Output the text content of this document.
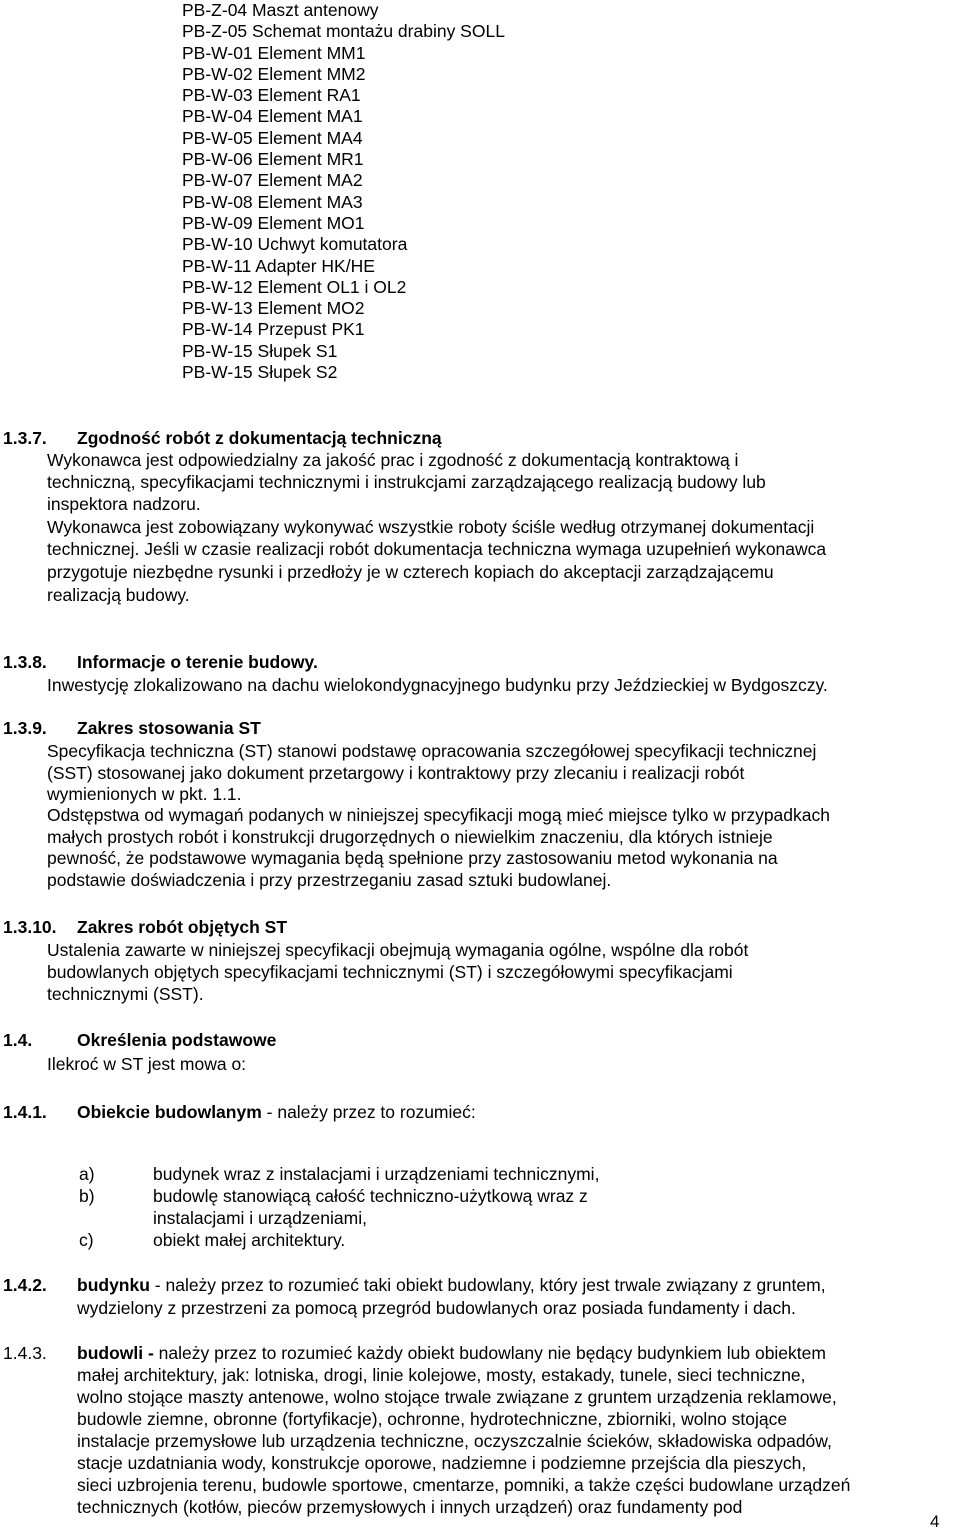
PB-Z-04 Maszt antenowy
PB-Z-05 Schemat montażu drabiny SOLL
PB-W-01 Element MM1
PB-W-02 Element MM2
PB-W-03 Element RA1
PB-W-04 Element MA1
PB-W-05 Element MA4
PB-W-06 Element MR1
PB-W-07 Element MA2
PB-W-08 Element MA3
PB-W-09 Element MO1
PB-W-10 Uchwyt komutatora
PB-W-11 Adapter HK/HE
PB-W-12 Element OL1 i OL2
PB-W-13 Element MO2
PB-W-14 Przepust PK1
PB-W-15 Słupek S1
PB-W-15 Słupek S2
1.3.7. Zgodność robót z dokumentacją techniczną
Wykonawca jest odpowiedzialny za jakość prac i zgodność z dokumentacją kontraktową i
techniczną, specyfikacjami technicznymi i instrukcjami zarządzającego realizacją budowy lub
inspektora nadzoru.
Wykonawca jest zobowiązany wykonywać wszystkie roboty ściśle według otrzymanej dokumentacji
technicznej. Jeśli w czasie realizacji robót dokumentacja techniczna wymaga uzupełnień wykonawca
przygotuje niezbędne rysunki i przedłoży je w czterech kopiach do akceptacji zarządzającemu
realizacją budowy.
1.3.8. Informacje o terenie budowy.
Inwestycję zlokalizowano na dachu wielokondygnacyjnego budynku przy Jeździeckiej w Bydgoszczy.
1.3.9. Zakres stosowania ST
Specyfikacja techniczna (ST) stanowi podstawę opracowania szczegółowej specyfikacji technicznej
(SST) stosowanej jako dokument przetargowy i kontraktowy przy zlecaniu i realizacji robót
wymienionych w pkt. 1.1.
Odstępstwa od wymagań podanych w niniejszej specyfikacji mogą mieć miejsce tylko w przypadkach
małych prostych robót i konstrukcji drugorzędnych o niewielkim znaczeniu, dla których istnieje
pewność, że podstawowe wymagania będą spełnione przy zastosowaniu metod wykonania na
podstawie doświadczenia i przy przestrzeganiu zasad sztuki budowlanej.
1.3.10. Zakres robót objętych ST
Ustalenia zawarte w niniejszej specyfikacji obejmują wymagania ogólne, wspólne dla robót
budowlanych objętych specyfikacjami technicznymi (ST) i szczegółowymi specyfikacjami
technicznymi (SST).
1.4.	Określenia podstawowe
Ilekroć w ST jest mowa o:
1.4.1. Obiekcie budowlanym - należy przez to rozumieć:
a)	budynek wraz z instalacjami i urządzeniami technicznymi,
b)	budowlę stanowiącą całość techniczno-użytkową wraz z
instalacjami i urządzeniami,
c)	obiekt małej architektury.
1.4.2. budynku - należy przez to rozumieć taki obiekt budowlany, który jest trwale związany z gruntem,
wydzielony z przestrzeni za pomocą przegród budowlanych oraz posiada fundamenty i dach.
1.4.3. budowli - należy przez to rozumieć każdy obiekt budowlany nie będący budynkiem lub obiektem
małej architektury, jak: lotniska, drogi, linie kolejowe, mosty, estakady, tunele, sieci techniczne,
wolno stojące maszty antenowe, wolno stojące trwale związane z gruntem urządzenia reklamowe,
budowle ziemne, obronne (fortyfikacje), ochronne, hydrotechniczne, zbiorniki, wolno stojące
instalacje przemysłowe lub urządzenia techniczne, oczyszczalnie ścieków, składowiska odpadów,
stacje uzdatniania wody, konstrukcje oporowe, nadziemne i podziemne przejścia dla pieszych,
sieci uzbrojenia terenu, budowle sportowe, cmentarze, pomniki, a także części budowlane urządzeń
technicznych (kotłów, pieców przemysłowych i innych urządzeń) oraz fundamenty pod
4
